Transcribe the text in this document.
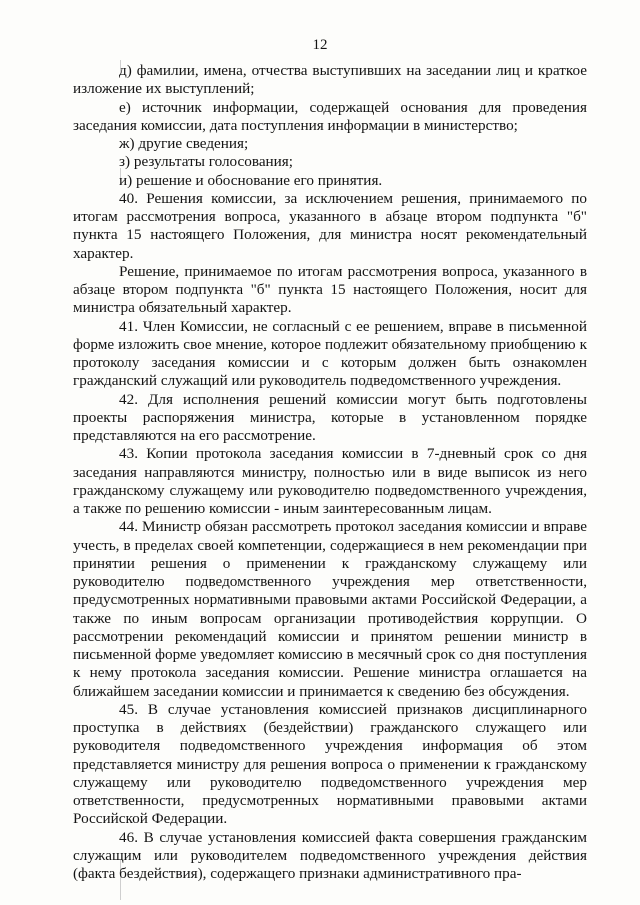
12

д) фамилии, имена, отчества выступивших на заседании лиц и краткое изложение их выступлений;

е) источник информации, содержащей основания для проведения заседания комиссии, дата поступления информации в министерство;

ж) другие сведения;

з) результаты голосования;

и) решение и обоснование его принятия.

40. Решения комиссии, за исключением решения, принимаемого по итогам рассмотрения вопроса, указанного в абзаце втором подпункта "б" пункта 15 настоящего Положения, для министра носят рекомендательный характер.

Решение, принимаемое по итогам рассмотрения вопроса, указанного в абзаце втором подпункта "б" пункта 15 настоящего Положения, носит для министра обязательный характер.

41. Член Комиссии, не согласный с ее решением, вправе в письменной форме изложить свое мнение, которое подлежит обязательному приобщению к протоколу заседания комиссии и с которым должен быть ознакомлен гражданский служащий или руководитель подведомственного учреждения.

42. Для исполнения решений комиссии могут быть подготовлены проекты распоряжения министра, которые в установленном порядке представляются на его рассмотрение.

43. Копии протокола заседания комиссии в 7-дневный срок со дня заседания направляются министру, полностью или в виде выписок из него гражданскому служащему или руководителю подведомственного учреждения, а также по решению комиссии - иным заинтересованным лицам.

44. Министр обязан рассмотреть протокол заседания комиссии и вправе учесть, в пределах своей компетенции, содержащиеся в нем рекомендации при принятии решения о применении к гражданскому служащему или руководителю подведомственного учреждения мер ответственности, предусмотренных нормативными правовыми актами Российской Федерации, а также по иным вопросам организации противодействия коррупции. О рассмотрении рекомендаций комиссии и принятом решении министр в письменной форме уведомляет комиссию в месячный срок со дня поступления к нему протокола заседания комиссии. Решение министра оглашается на ближайшем заседании комиссии и принимается к сведению без обсуждения.

45. В случае установления комиссией признаков дисциплинарного проступка в действиях (бездействии) гражданского служащего или руководителя подведомственного учреждения информация об этом представляется министру для решения вопроса о применении к гражданскому служащему или руководителю подведомственного учреждения мер ответственности, предусмотренных нормативными правовыми актами Российской Федерации.

46. В случае установления комиссией факта совершения гражданским служащим или руководителем подведомственного учреждения действия (факта бездействия), содержащего признаки административного пра-
